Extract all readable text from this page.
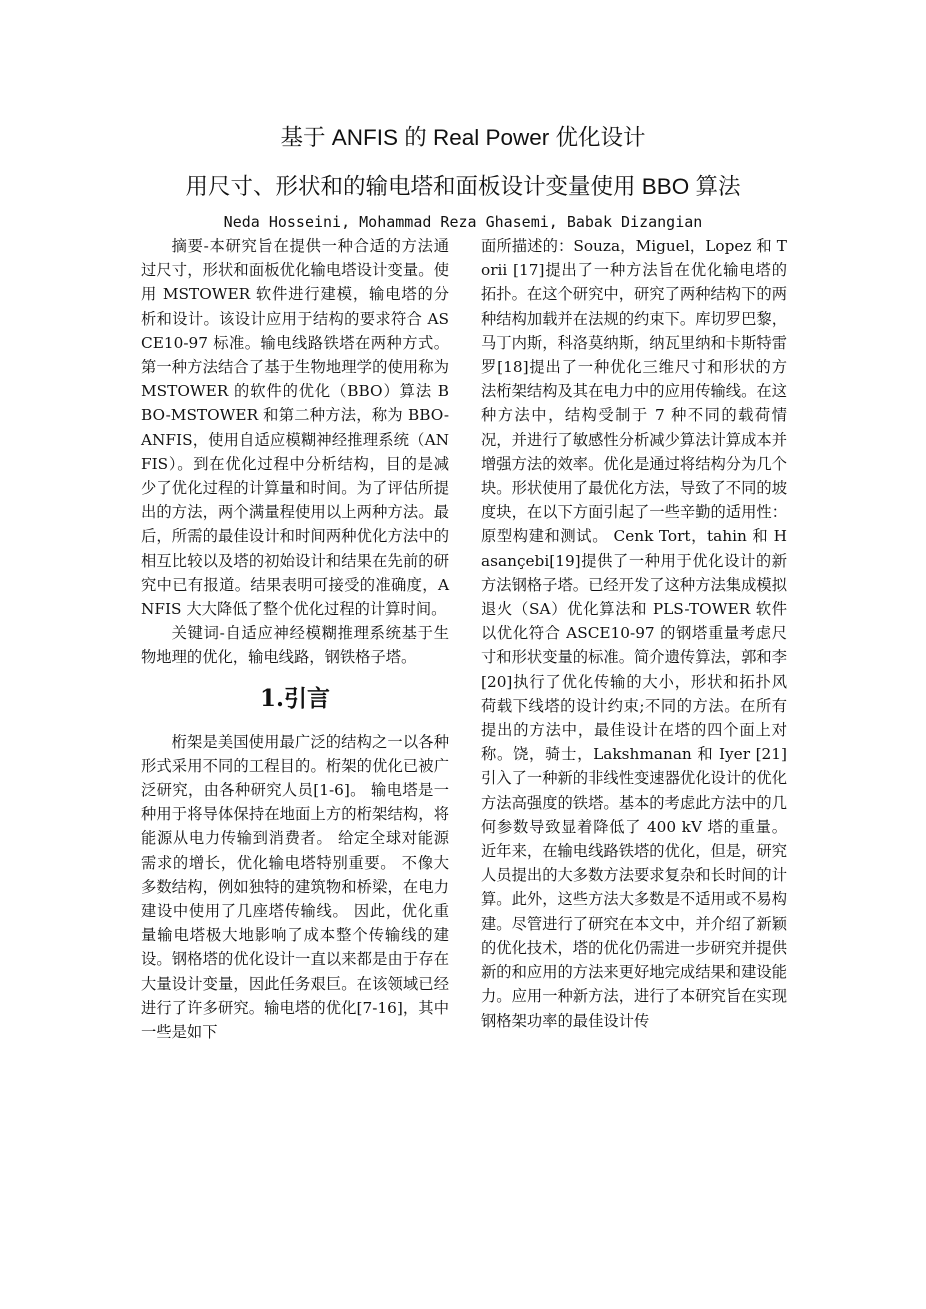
基于 ANFIS 的 Real Power 优化设计
用尺寸、形状和的输电塔和面板设计变量使用 BBO 算法
Neda Hosseini, Mohammad Reza Ghasemi, Babak Dizangian

摘要-本研究旨在提供一种合适的方法通过尺寸，形状和面板优化输电塔设计变量。使用 MSTOWER 软件进行建模，输电塔的分析和设计。该设计应用于结构的要求符合 ASCE10-97 标准。输电线路铁塔在两种方式。第一种方法结合了基于生物地理学的使用称为 MSTOWER 的软件的优化（BBO）算法 BBO-MSTOWER 和第二种方法，称为 BBO-ANFIS，使用自适应模糊神经推理系统（ANFIS）。到在优化过程中分析结构，目的是减少了优化过程的计算量和时间。为了评估所提出的方法，两个满量程使用以上两种方法。最后，所需的最佳设计和时间两种优化方法中的相互比较以及塔的初始设计和结果在先前的研究中已有报道。结果表明可接受的准确度，ANFIS 大大降低了整个优化过程的计算时间。

关键词-自适应神经模糊推理系统基于生物地理的优化，输电线路，钢铁格子塔。

1.引言

桁架是美国使用最广泛的结构之一以各种形式采用不同的工程目的。桁架的优化已被广泛研究，由各种研究人员[1-6]。 输电塔是一种用于将导体保持在地面上方的桁架结构，将能源从电力传输到消费者。 给定全球对能源需求的增长，优化输电塔特别重要。 不像大多数结构，例如独特的建筑物和桥梁，在电力建设中使用了几座塔传输线。 因此，优化重量输电塔极大地影响了成本整个传输线的建设。钢格塔的优化设计一直以来都是由于存在大量设计变量，因此任务艰巨。在该领域已经进行了许多研究。输电塔的优化[7-16]，其中一些是如下

面所描述的：Souza，Miguel，Lopez 和 Torii [17]提出了一种方法旨在优化输电塔的拓扑。在这个研究中，研究了两种结构下的两种结构加载并在法规的约束下。库切罗巴黎，马丁内斯，科洛莫纳斯，纳瓦里纳和卡斯特雷罗[18]提出了一种优化三维尺寸和形状的方法桁架结构及其在电力中的应用传输线。在这种方法中，结构受制于 7 种不同的载荷情况，并进行了敏感性分析减少算法计算成本并增强方法的效率。优化是通过将结构分为几个块。形状使用了最优化方法，导致了不同的坡度块，在以下方面引起了一些辛勤的适用性：原型构建和测试。 Cenk Tort，tahin 和 Hasançebi[19]提供了一种用于优化设计的新方法钢格子塔。已经开发了这种方法集成模拟退火（SA）优化算法和 PLS-TOWER 软件以优化符合 ASCE10-97 的钢塔重量考虑尺寸和形状变量的标准。简介遗传算法，郭和李[20]执行了优化传输的大小，形状和拓扑风荷载下线塔的设计约束;不同的方法。在所有提出的方法中，最佳设计在塔的四个面上对称。饶，骑士，Lakshmanan 和 Iyer [21]引入了一种新的非线性变速器优化设计的优化方法高强度的铁塔。基本的考虑此方法中的几何参数导致显着降低了 400 kV 塔的重量。近年来，在输电线路铁塔的优化，但是，研究人员提出的大多数方法要求复杂和长时间的计算。此外，这些方法大多数是不适用或不易构建。尽管进行了研究在本文中，并介绍了新颖的优化技术，塔的优化仍需进一步研究并提供新的和应用的方法来更好地完成结果和建设能力。应用一种新方法，进行了本研究旨在实现钢格架功率的最佳设计传
